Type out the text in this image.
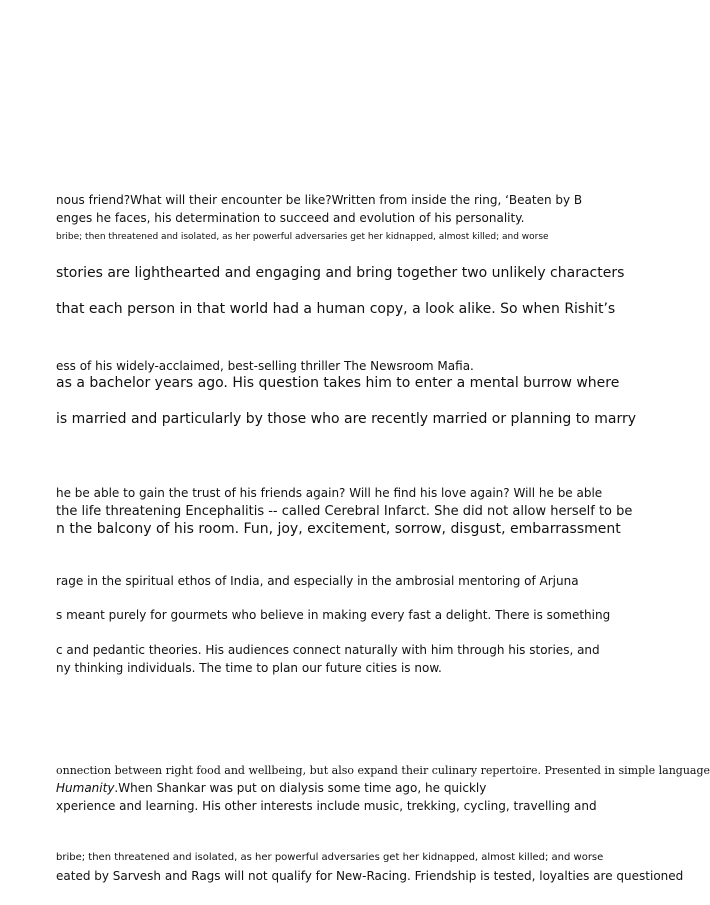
nous friend?What will their encounter be like?Written from inside the ring, ‘Beaten by B
enges he faces, his determination to succeed and evolution of his personality.
bribe; then threatened and isolated, as her powerful adversaries get her kidnapped, almost killed; and worse
stories are lighthearted and engaging and bring together two unlikely characters
that each person in that world had a human copy, a look alike. So when Rishit’s
ess of his widely-acclaimed, best-selling thriller The Newsroom Mafia.
as a bachelor years ago. His question takes him to enter a mental burrow where
is married and particularly by those who are recently married or planning to marry
he be able to gain the trust of his friends again? Will he find his love again? Will he be able
the life threatening Encephalitis -- called Cerebral Infarct. She did not allow herself to be
n the balcony of his room. Fun, joy, excitement, sorrow, disgust, embarrassment
rage in the spiritual ethos of India, and especially in the ambrosial mentoring of Arjuna
s meant purely for gourmets who believe in making every fast a delight. There is something
c and pedantic theories. His audiences connect naturally with him through his stories, and
ny thinking individuals. The time to plan our future cities is now.
onnection between right food and wellbeing, but also expand their culinary repertoire. Presented in simple language
Humanity.When Shankar was put on dialysis some time ago, he quickly
xperience and learning. His other interests include music, trekking, cycling, travelling and
bribe; then threatened and isolated, as her powerful adversaries get her kidnapped, almost killed; and worse
eated by Sarvesh and Rags will not qualify for New-Racing. Friendship is tested, loyalties are questioned
